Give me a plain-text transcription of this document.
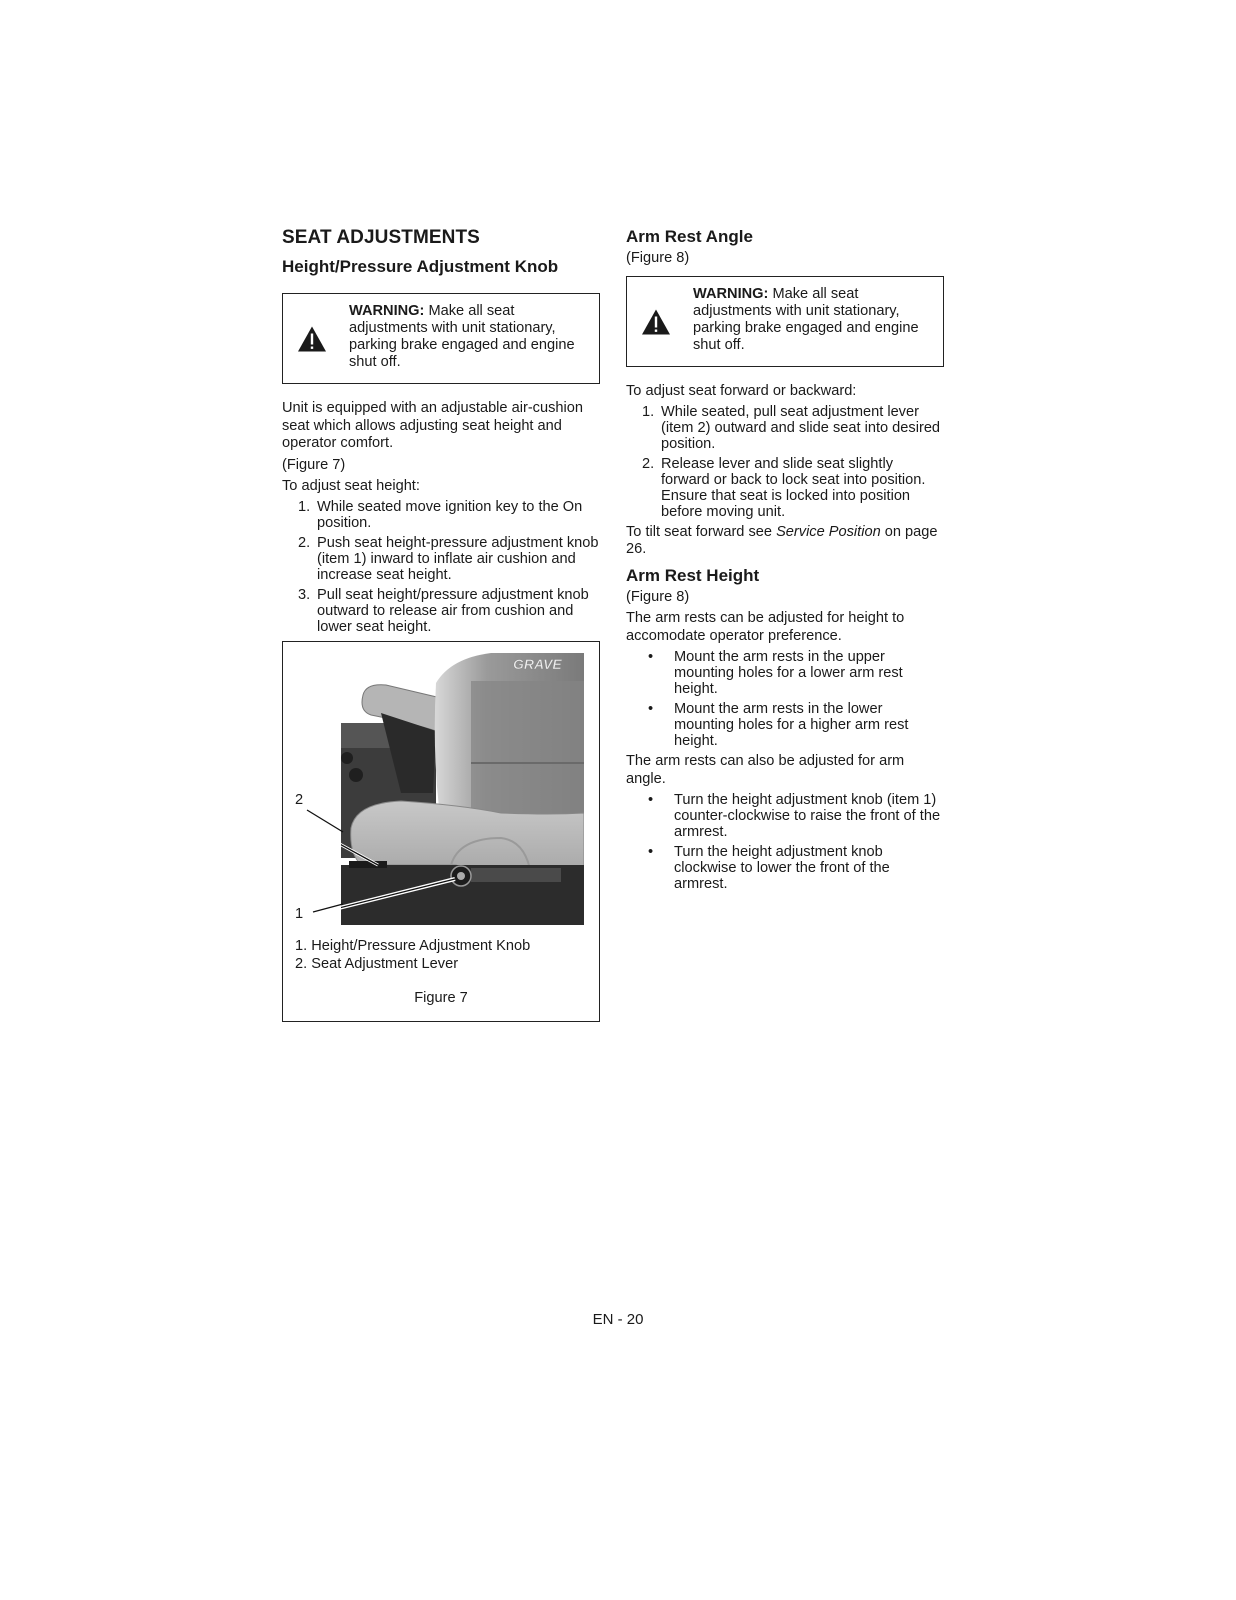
SEAT ADJUSTMENTS
Height/Pressure Adjustment Knob
WARNING: Make all seat adjustments with unit stationary, parking brake engaged and engine shut off.

Unit is equipped with an adjustable air-cushion seat which allows adjusting seat height and operator comfort.

(Figure 7)

To adjust seat height:

1. While seated move ignition key to the On position.
2. Push seat height-pressure adjustment knob (item 1) inward to inflate air cushion and increase seat height.
3. Pull seat height/pressure adjustment knob outward to release air from cushion and lower seat height.
GRAVE
2
1
1. Height/Pressure Adjustment Knob
2. Seat Adjustment Lever
Figure 7
Arm Rest Angle

(Figure 8)

WARNING: Make all seat adjustments with unit stationary, parking brake engaged and engine shut off.

To adjust seat forward or backward:

1. While seated, pull seat adjustment lever (item 2) outward and slide seat into desired position.
2. Release lever and slide seat slightly forward or back to lock seat into position. Ensure that seat is locked into position before moving unit.

To tilt seat forward see Service Position on page 26.

Arm Rest Height

(Figure 8)

The arm rests can be adjusted for height to accomodate operator preference.

• Mount the arm rests in the upper mounting holes for a lower arm rest height.
• Mount the arm rests in the lower mounting holes for a higher arm rest height.

The arm rests can also be adjusted for arm angle.

• Turn the height adjustment knob (item 1) counter-clockwise to raise the front of the armrest.
• Turn the height adjustment knob clockwise to lower the front of the armrest.
EN - 20
